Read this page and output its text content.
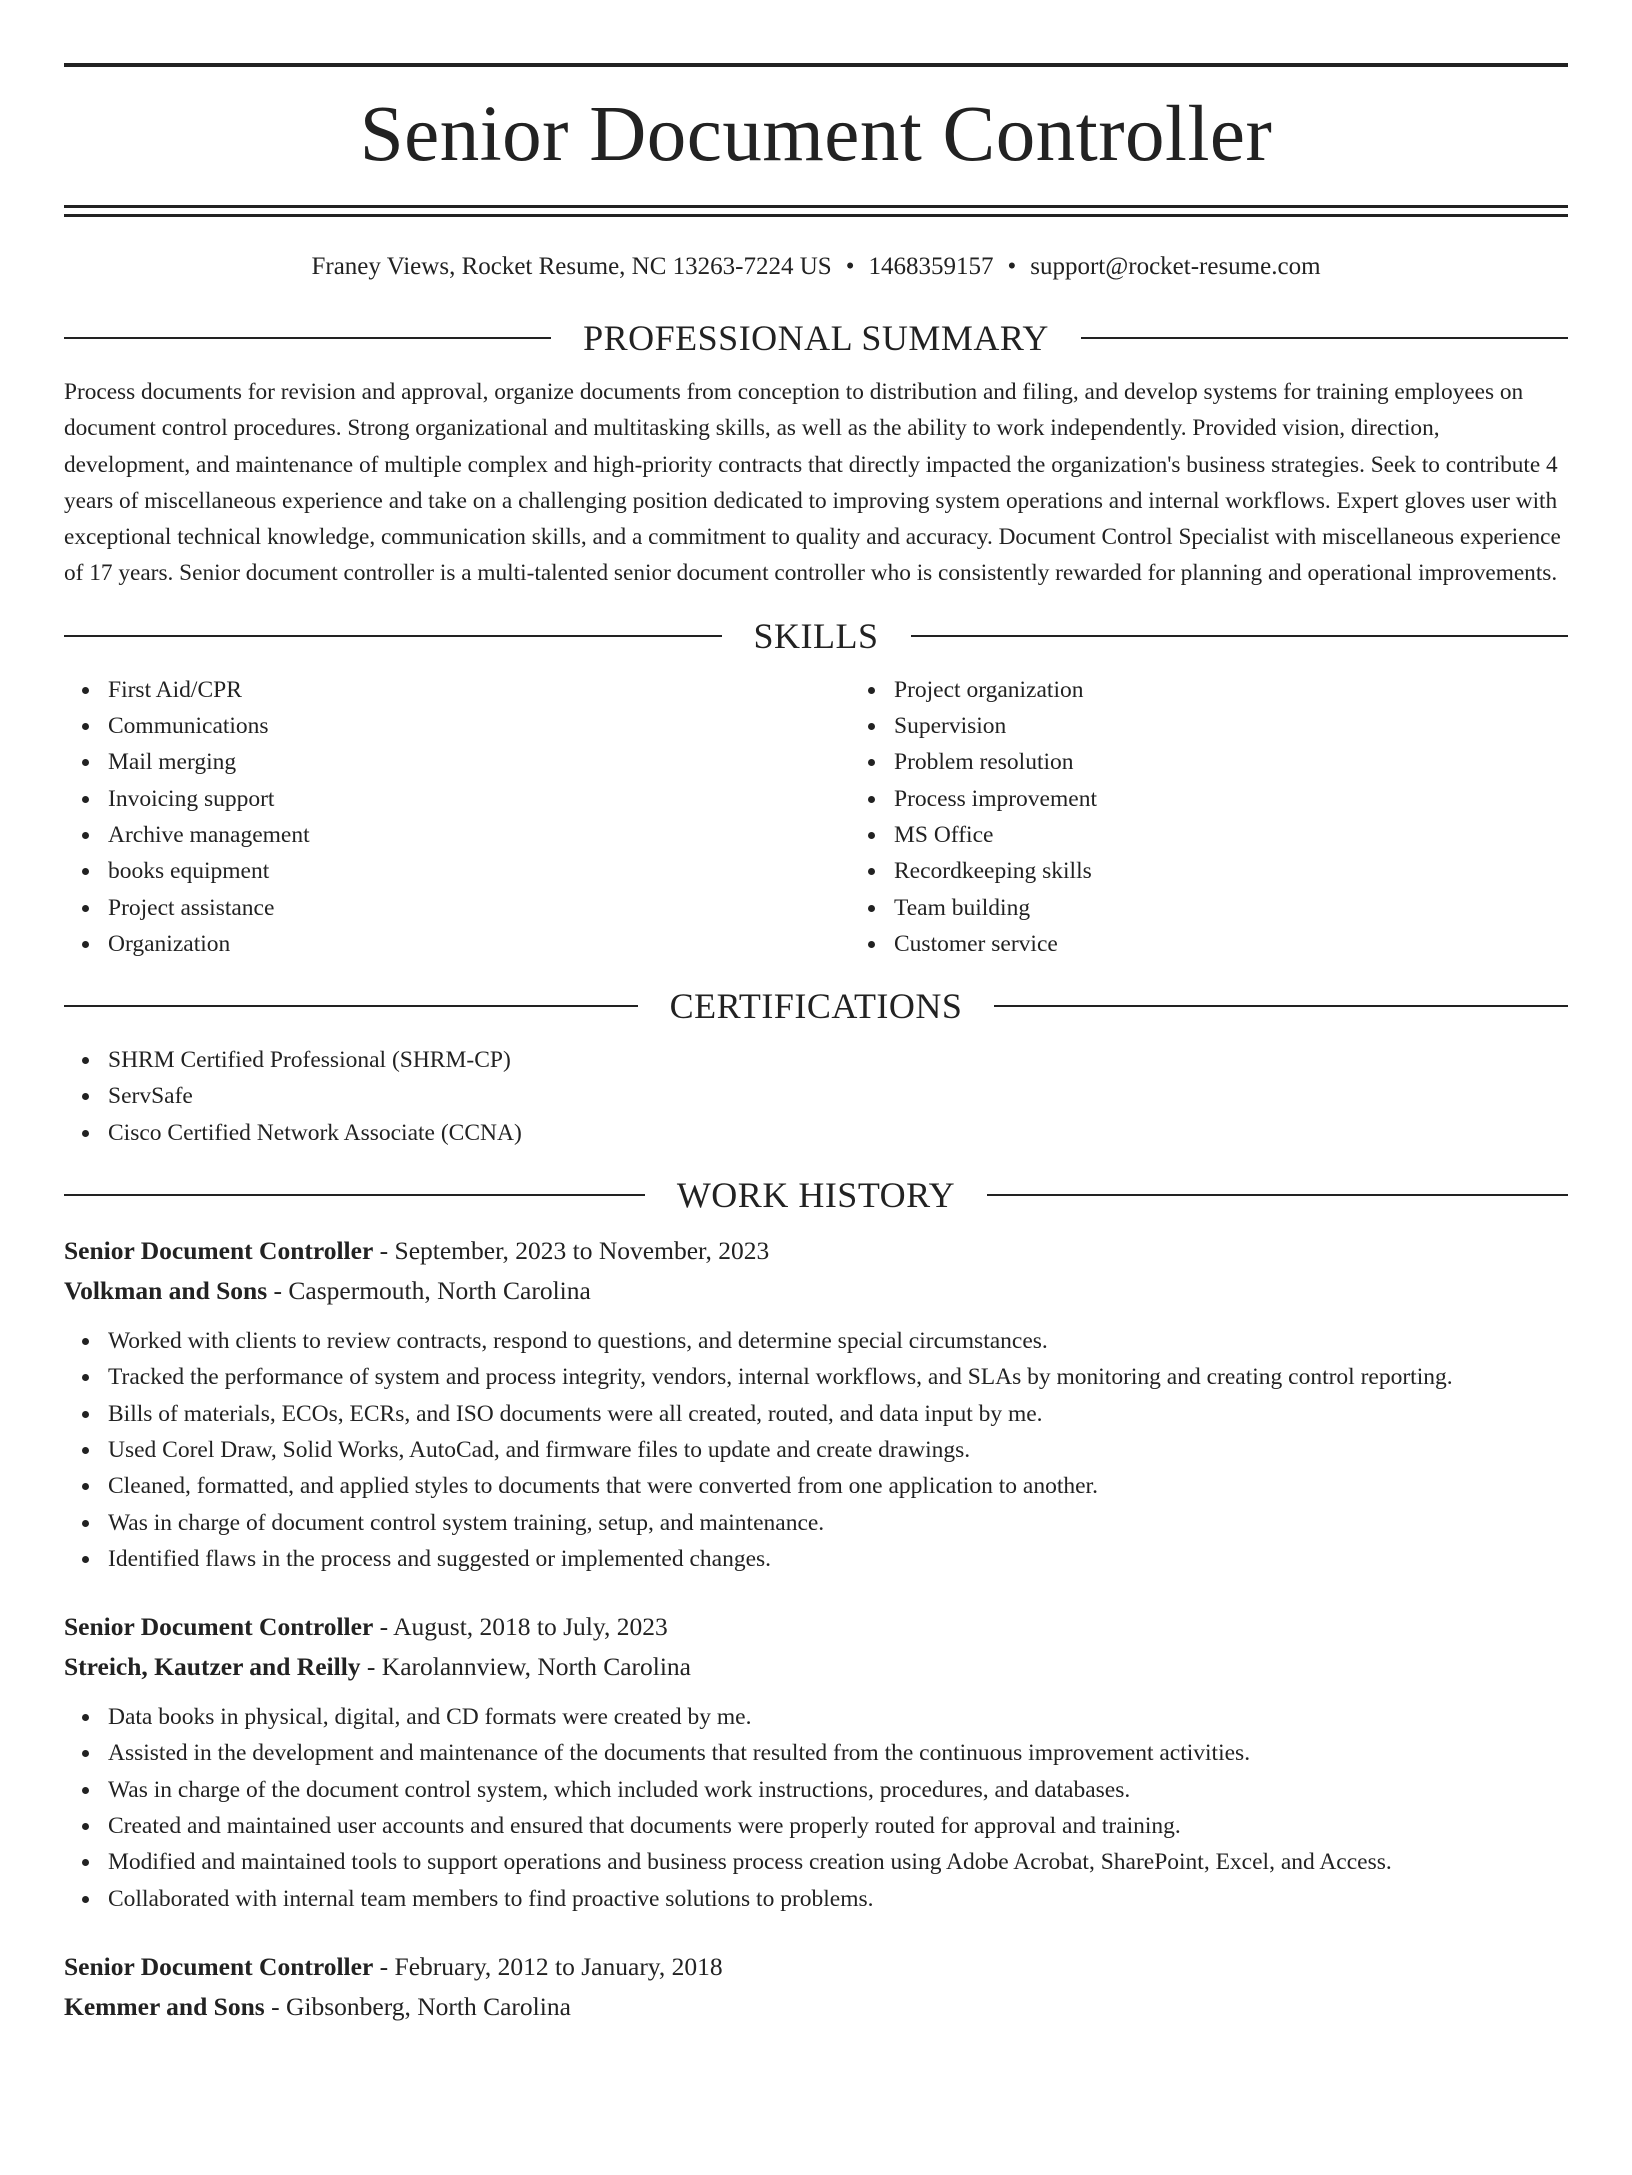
Senior Document Controller
Franey Views, Rocket Resume, NC 13263-7224 US • 1468359157 • support@rocket-resume.com
PROFESSIONAL SUMMARY

Process documents for revision and approval, organize documents from conception to distribution and filing, and develop systems for training employees on document control procedures. Strong organizational and multitasking skills, as well as the ability to work independently. Provided vision, direction, development, and maintenance of multiple complex and high-priority contracts that directly impacted the organization's business strategies. Seek to contribute 4 years of miscellaneous experience and take on a challenging position dedicated to improving system operations and internal workflows. Expert gloves user with exceptional technical knowledge, communication skills, and a commitment to quality and accuracy. Document Control Specialist with miscellaneous experience of 17 years. Senior document controller is a multi-talented senior document controller who is consistently rewarded for planning and operational improvements.

SKILLS
First Aid/CPR
Communications
Mail merging
Invoicing support
Archive management
books equipment
Project assistance
Organization
Project organization
Supervision
Problem resolution
Process improvement
MS Office
Recordkeeping skills
Team building
Customer service
CERTIFICATIONS
SHRM Certified Professional (SHRM-CP)
ServSafe
Cisco Certified Network Associate (CCNA)
WORK HISTORY
Senior Document Controller - September, 2023 to November, 2023
Volkman and Sons - Caspermouth, North Carolina
Worked with clients to review contracts, respond to questions, and determine special circumstances.
Tracked the performance of system and process integrity, vendors, internal workflows, and SLAs by monitoring and creating control reporting.
Bills of materials, ECOs, ECRs, and ISO documents were all created, routed, and data input by me.
Used Corel Draw, Solid Works, AutoCad, and firmware files to update and create drawings.
Cleaned, formatted, and applied styles to documents that were converted from one application to another.
Was in charge of document control system training, setup, and maintenance.
Identified flaws in the process and suggested or implemented changes.
Senior Document Controller - August, 2018 to July, 2023
Streich, Kautzer and Reilly - Karolannview, North Carolina
Data books in physical, digital, and CD formats were created by me.
Assisted in the development and maintenance of the documents that resulted from the continuous improvement activities.
Was in charge of the document control system, which included work instructions, procedures, and databases.
Created and maintained user accounts and ensured that documents were properly routed for approval and training.
Modified and maintained tools to support operations and business process creation using Adobe Acrobat, SharePoint, Excel, and Access.
Collaborated with internal team members to find proactive solutions to problems.
Senior Document Controller - February, 2012 to January, 2018
Kemmer and Sons - Gibsonberg, North Carolina
